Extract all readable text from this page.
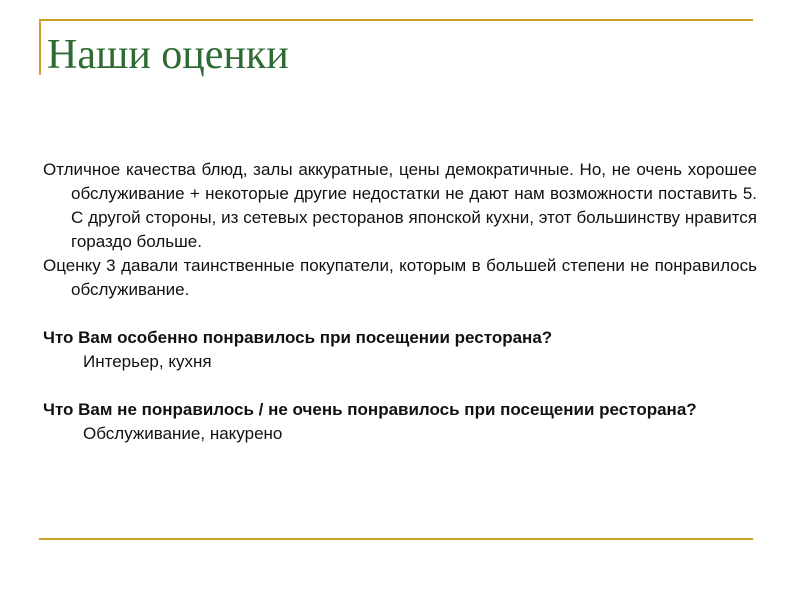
Наши оценки

Отличное качества блюд, залы аккуратные, цены демократичные. Но, не очень хорошее обслуживание + некоторые другие недостатки не дают нам возможности поставить 5. С другой стороны, из сетевых ресторанов японской кухни, этот большинству нравится гораздо больше.

Оценку 3 давали таинственные покупатели, которым в большей степени не понравилось обслуживание.

Что Вам особенно понравилось при посещении ресторана?

Интерьер, кухня

Что Вам не понравилось / не очень понравилось при посещении ресторана?

Обслуживание, накурено
